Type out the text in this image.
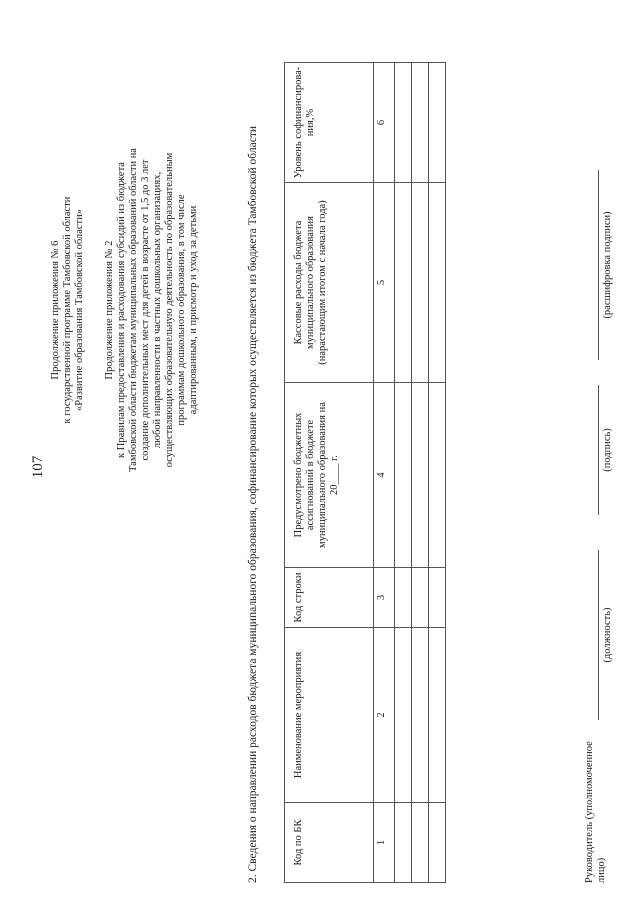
107
Продолжение приложения № 6 к государственной программе Тамбовской области «Развитие образования Тамбовской области» Продолжение приложения № 2 к Правилам предоставления и расходования субсидий из бюджета Тамбовской области бюджетам муниципальных образований области на создание дополнительных мест для детей в возрасте от 1,5 до 3 лет любой направленности в частных дошкольных организациях, осуществляющих образовательную деятельность по образовательным программам дошкольного образования, в том числе адаптированным, и присмотр и уход за детьми	2. Сведения о направлении расходов бюджета муниципального образования, софинансирование которых осуществляется из бюджета Тамбовской области	Код по БК	Наименование мероприятия	Код строки	Предусмотрено бюджетных ассигнований в бюджете муниципального образования на 20____ г.	Кассовые расходы бюджета муниципального образования (нарастающим итогом с начала года)	Уровень софинансирова-ния,%
1	2	3	4	5	6

Руководитель (уполномоченное лицо)
(должность)
(подпись)
(расшифровка подписи)
